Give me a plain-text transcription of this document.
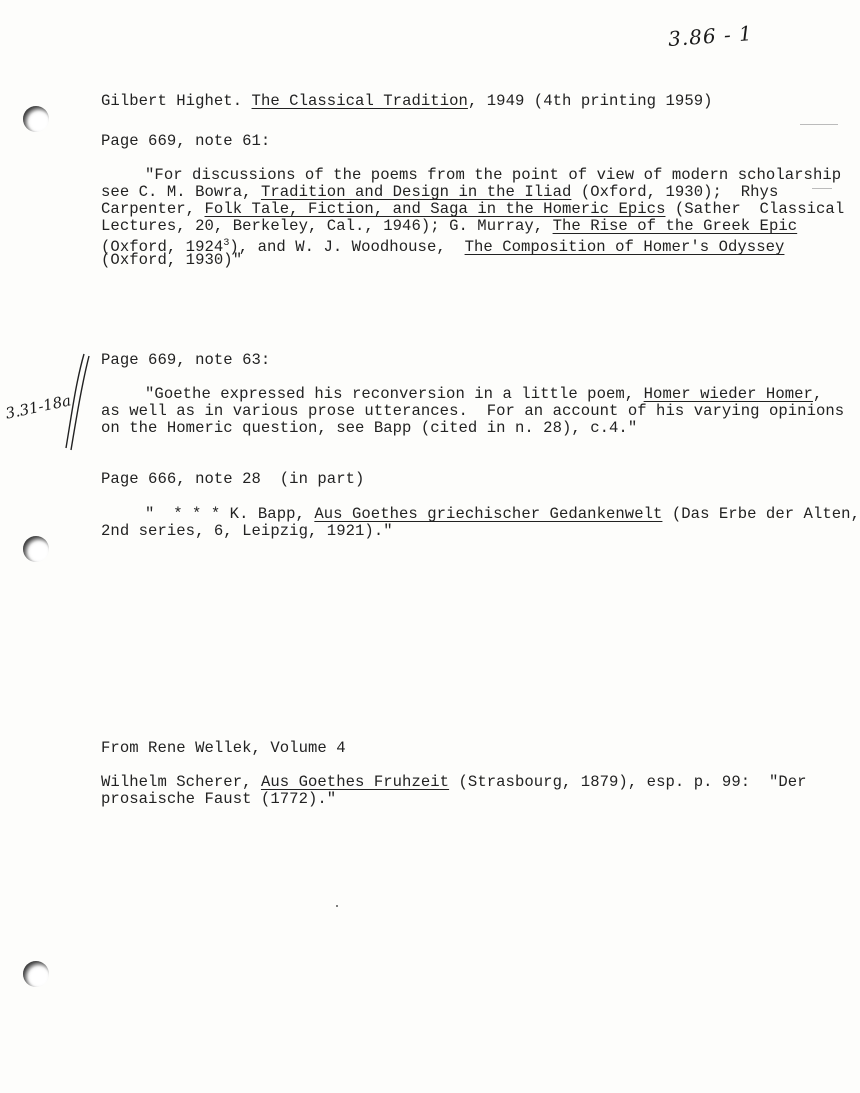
3.86 - 1
3.31-18a
Gilbert Highet. The Classical Tradition, 1949 (4th printing 1959)
Page 669, note 61:
"For discussions of the poems from the point of view of modern scholarship
see C. M. Bowra, Tradition and Design in the Iliad (Oxford, 1930);  Rhys
Carpenter, Folk Tale, Fiction, and Saga in the Homeric Epics (Sather  Classical
Lectures, 20, Berkeley, Cal., 1946); G. Murray, The Rise of the Greek Epic
(Oxford, 1924$^3$), and W. J. Woodhouse,  The Composition of Homer's Odyssey
(Oxford, 1930)"
Page 669, note 63:
"Goethe expressed his reconversion in a little poem, Homer wieder Homer,
as well as in various prose utterances.  For an account of his varying opinions
on the Homeric question, see Bapp (cited in n. 28), c.4."
Page 666, note 28  (in part)
"  * * * K. Bapp, Aus Goethes griechischer Gedankenwelt (Das Erbe der Alten,
2nd series, 6, Leipzig, 1921)."
From Rene Wellek, Volume 4
Wilhelm Scherer, Aus Goethes Fruhzeit (Strasbourg, 1879), esp. p. 99:  "Der
prosaische Faust (1772)."
